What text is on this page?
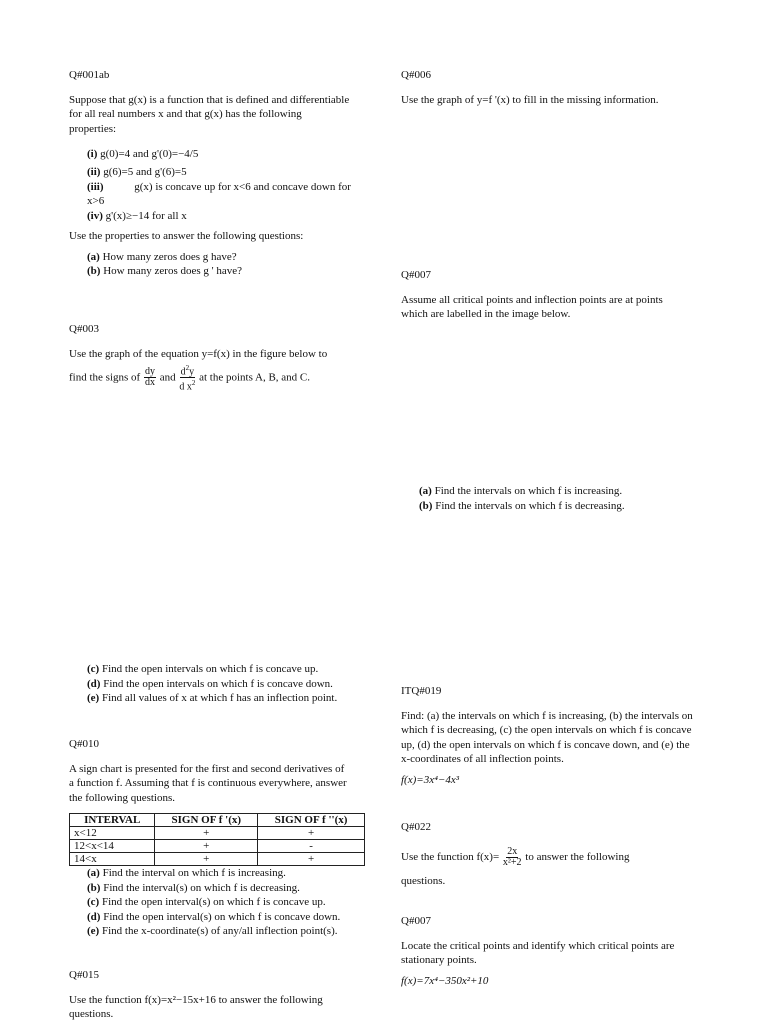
Q#001ab

Suppose that g(x) is a function that is defined and differentiable for all real numbers x and that g(x) has the following properties:

(i) g(0)=4 and g'(0)=−4/5
(ii) g(6)=5 and g'(6)=5
(iii)	g(x) is concave up for x<6 and concave down for x>6
(iv) g'(x)≥−14 for all x

Use the properties to answer the following questions:

(a) How many zeros does g have?
(b) How many zeros does g ' have?

Q#003

Use the graph of the equation y=f(x) in the figure below to

find the signs of $\frac{dy}{dx}$ and $\frac{d^2y}{d x^2}$ at the points A, B, and C.

(c) Find the open intervals on which f is concave up.
(d) Find the open intervals on which f is concave down.
(e) Find all values of x at which f has an inflection point.

Q#010

A sign chart is presented for the first and second derivatives of a function f. Assuming that f is continuous everywhere, answer the following questions.

INTERVAL	SIGN OF f '(x)	SIGN OF f ''(x)
x<12	+	+
12<x<14	+	-
14<x	+	+
(a) Find the interval on which f is increasing.
(b) Find the interval(s) on which f is decreasing.
(c) Find the open interval(s) on which f is concave up.
(d) Find the open interval(s) on which f is concave down.
(e) Find the x-coordinate(s) of any/all inflection point(s).

Q#015

Use the function f(x)=x²−15x+16 to answer the following questions.

Q#006

Use the graph of y=f '(x) to fill in the missing information.

Q#007

Assume all critical points and inflection points are at points which are labelled in the image below.

(a) Find the intervals on which f is increasing.
(b) Find the intervals on which f is decreasing.

ITQ#019

Find: (a) the intervals on which f is increasing, (b) the intervals on which f is decreasing, (c) the open intervals on which f is concave up, (d) the open intervals on which f is concave down, and (e) the x-coordinates of all inflection points.

f(x)=3x⁴−4x³

Q#022

Use the function $f(x)= \frac{2x}{\text{x²+2}}$ to answer the following

questions.

Q#007

Locate the critical points and identify which critical points are stationary points.

f(x)=7x⁴−350x²+10
